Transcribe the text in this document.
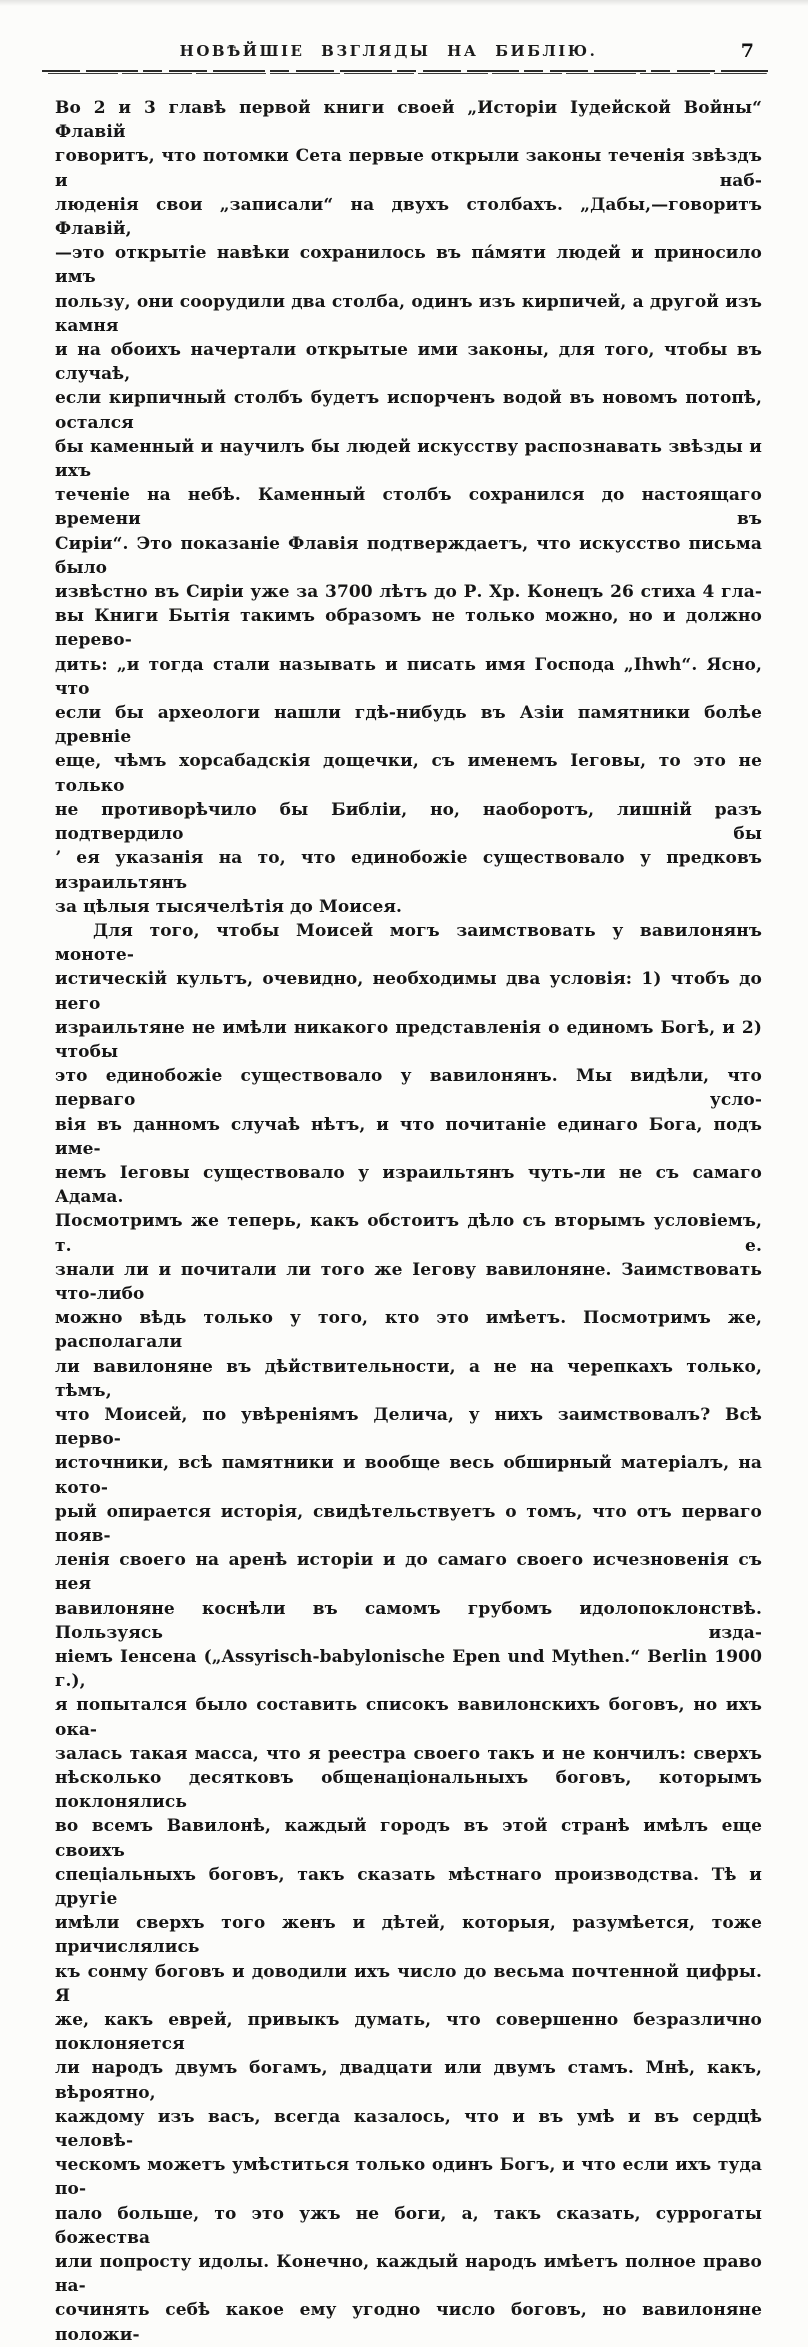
НОВѢЙШІЕ ВЗГЛЯДЫ НА БИБЛІЮ.	7
Во 2 и 3 главѣ первой книги своей „Исторіи Іудейской Войны“ Флавій
говоритъ, что потомки Сета первые открыли законы теченія звѣздъ и наб-
люденія свои „записали“ на двухъ столбахъ. „Дабы,—говоритъ Флавій,
—это открытіе навѣки сохранилось въ па́мяти людей и приносило имъ
пользу, они соорудили два столба, одинъ изъ кирпичей, а другой изъ камня
и на обоихъ начертали открытые ими законы, для того, чтобы въ случаѣ,
если кирпичный столбъ будетъ испорченъ водой въ новомъ потопѣ, остался
бы каменный и научилъ бы людей искусству распознавать звѣзды и ихъ
теченіе на небѣ. Каменный столбъ сохранился до настоящаго времени въ
Сиріи“. Это показаніе Флавія подтверждаетъ, что искусство письма было
извѣстно въ Сиріи уже за 3700 лѣтъ до Р. Хр. Конецъ 26 стиха 4 гла-
вы Книги Бытія такимъ образомъ не только можно, но и должно перево-
дить: „и тогда стали называть и писать имя Господа „Ihwh“. Ясно, что
если бы археологи нашли гдѣ-нибудь въ Азіи памятники болѣе древніе
еще, чѣмъ хорсабадскія дощечки, съ именемъ Іеговы, то это не только
не противорѣчило бы Библіи, но, наоборотъ, лишній разъ подтвердило бы
ʼ ея указанія на то, что единобожіе существовало у предковъ израильтянъ
за цѣлыя тысячелѣтія до Моисея.
Для того, чтобы Моисей могъ заимствовать у вавилонянъ моноте-
истическій культъ, очевидно, необходимы два условія: 1) чтобъ до него
израильтяне не имѣли никакого представленія о единомъ Богѣ, и 2) чтобы
это единобожіе существовало у вавилонянъ. Мы видѣли, что перваго усло-
вія въ данномъ случаѣ нѣтъ, и что почитаніе единаго Бога, подъ име-
немъ Іеговы существовало у израильтянъ чуть-ли не съ самаго Адама.
Посмотримъ же теперь, какъ обстоитъ дѣло съ вторымъ условіемъ, т. е.
знали ли и почитали ли того же Іегову вавилоняне. Заимствовать что-либо
можно вѣдь только у того, кто это имѣетъ. Посмотримъ же, располагали
ли вавилоняне въ дѣйствительности, а не на черепкахъ только, тѣмъ,
что Моисей, по увѣреніямъ Делича, у нихъ заимствовалъ? Всѣ перво-
источники, всѣ памятники и вообще весь обширный матеріалъ, на кото-
рый опирается исторія, свидѣтельствуетъ о томъ, что отъ перваго появ-
ленія своего на аренѣ исторіи и до самаго своего исчезновенія съ нея
вавилоняне коснѣли въ самомъ грубомъ идолопоклонствѣ. Пользуясь изда-
ніемъ Іенсена („Assyrisch-babylonische Epen und Mythen.“ Berlin 1900 г.),
я попытался было составить списокъ вавилонскихъ боговъ, но ихъ ока-
залась такая масса, что я реестра своего такъ и не кончилъ: сверхъ
нѣсколько десятковъ общенаціональныхъ боговъ, которымъ поклонялись
во всемъ Вавилонѣ, каждый городъ въ этой странѣ имѣлъ еще своихъ
спеціальныхъ боговъ, такъ сказать мѣстнаго производства. Тѣ и другіе
имѣли сверхъ того женъ и дѣтей, которыя, разумѣется, тоже причислялись
къ сонму боговъ и доводили ихъ число до весьма почтенной цифры. Я
же, какъ еврей, привыкъ думать, что совершенно безразлично поклоняется
ли народъ двумъ богамъ, двадцати или двумъ стамъ. Мнѣ, какъ, вѣроятно,
каждому изъ васъ, всегда казалось, что и въ умѣ и въ сердцѣ человѣ-
ческомъ можетъ умѣститься только одинъ Богъ, и что если ихъ туда по-
пало больше, то это ужъ не боги, а, такъ сказать, суррогаты божества
или попросту идолы. Конечно, каждый народъ имѣетъ полное право на-
сочинять себѣ какое ему угодно число боговъ, но вавилоняне положи-
